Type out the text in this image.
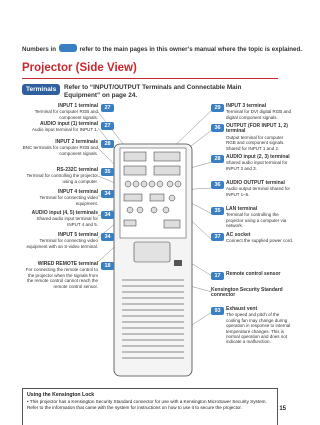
Numbers in	refer to the main pages in this owner’s manual where the topic is explained.
Projector (Side View)
Terminals	Refer to “INPUT/OUTPUT Terminals and Connectable Main Equipment” on page 24.
INPUT 1 terminal
Terminal for computer RGB and component signals.
27
AUDIO input (1) terminal
Audio input terminal for INPUT 1.
27
INPUT 2 terminals
BNC terminals for computer RGB and component signals.
28
RS-232C terminal
Terminal for controlling the projector using a computer.
35
INPUT 4 terminal
Terminal for connecting video equipment.
34
AUDIO input (4, 5) terminals
Shared audio input terminal for INPUT 4 and 5.
34
INPUT 5 terminal
Terminal for connecting video equipment with an S-video terminal.
34
WIRED REMOTE terminal
For connecting the remote control to the projector when the signals from the remote control cannot reach the remote control sensor.
18
29	INPUT 3 terminal
Terminal for DVI digital RGB and digital component signals.
36	OUTPUT (FOR INPUT 1, 2) terminal
Output terminal for computer RGB and component signals. Shared for INPUT 1 and 2.
28	AUDIO input (2, 3) terminal
Shared audio input terminal for INPUT 2 and 3.
36	AUDIO OUTPUT terminal
Audio output terminal shared for INPUT 1–5.
35	LAN terminal
Terminal for controlling the projector using a computer via network.
37	AC socket
Connect the supplied power cord.
17	Remote control sensor
Kensington Security Standard connector
93	Exhaust vent
The speed and pitch of the cooling fan may change during operation in response to internal temperature changes. This is normal operation and does not indicate a malfunction.
Using the Kensington Lock
• This projector has a Kensington Security Standard connector for use with a Kensington MicroSaver Security System. Refer to the information that came with the system for instructions on how to use it to secure the projector.	15
